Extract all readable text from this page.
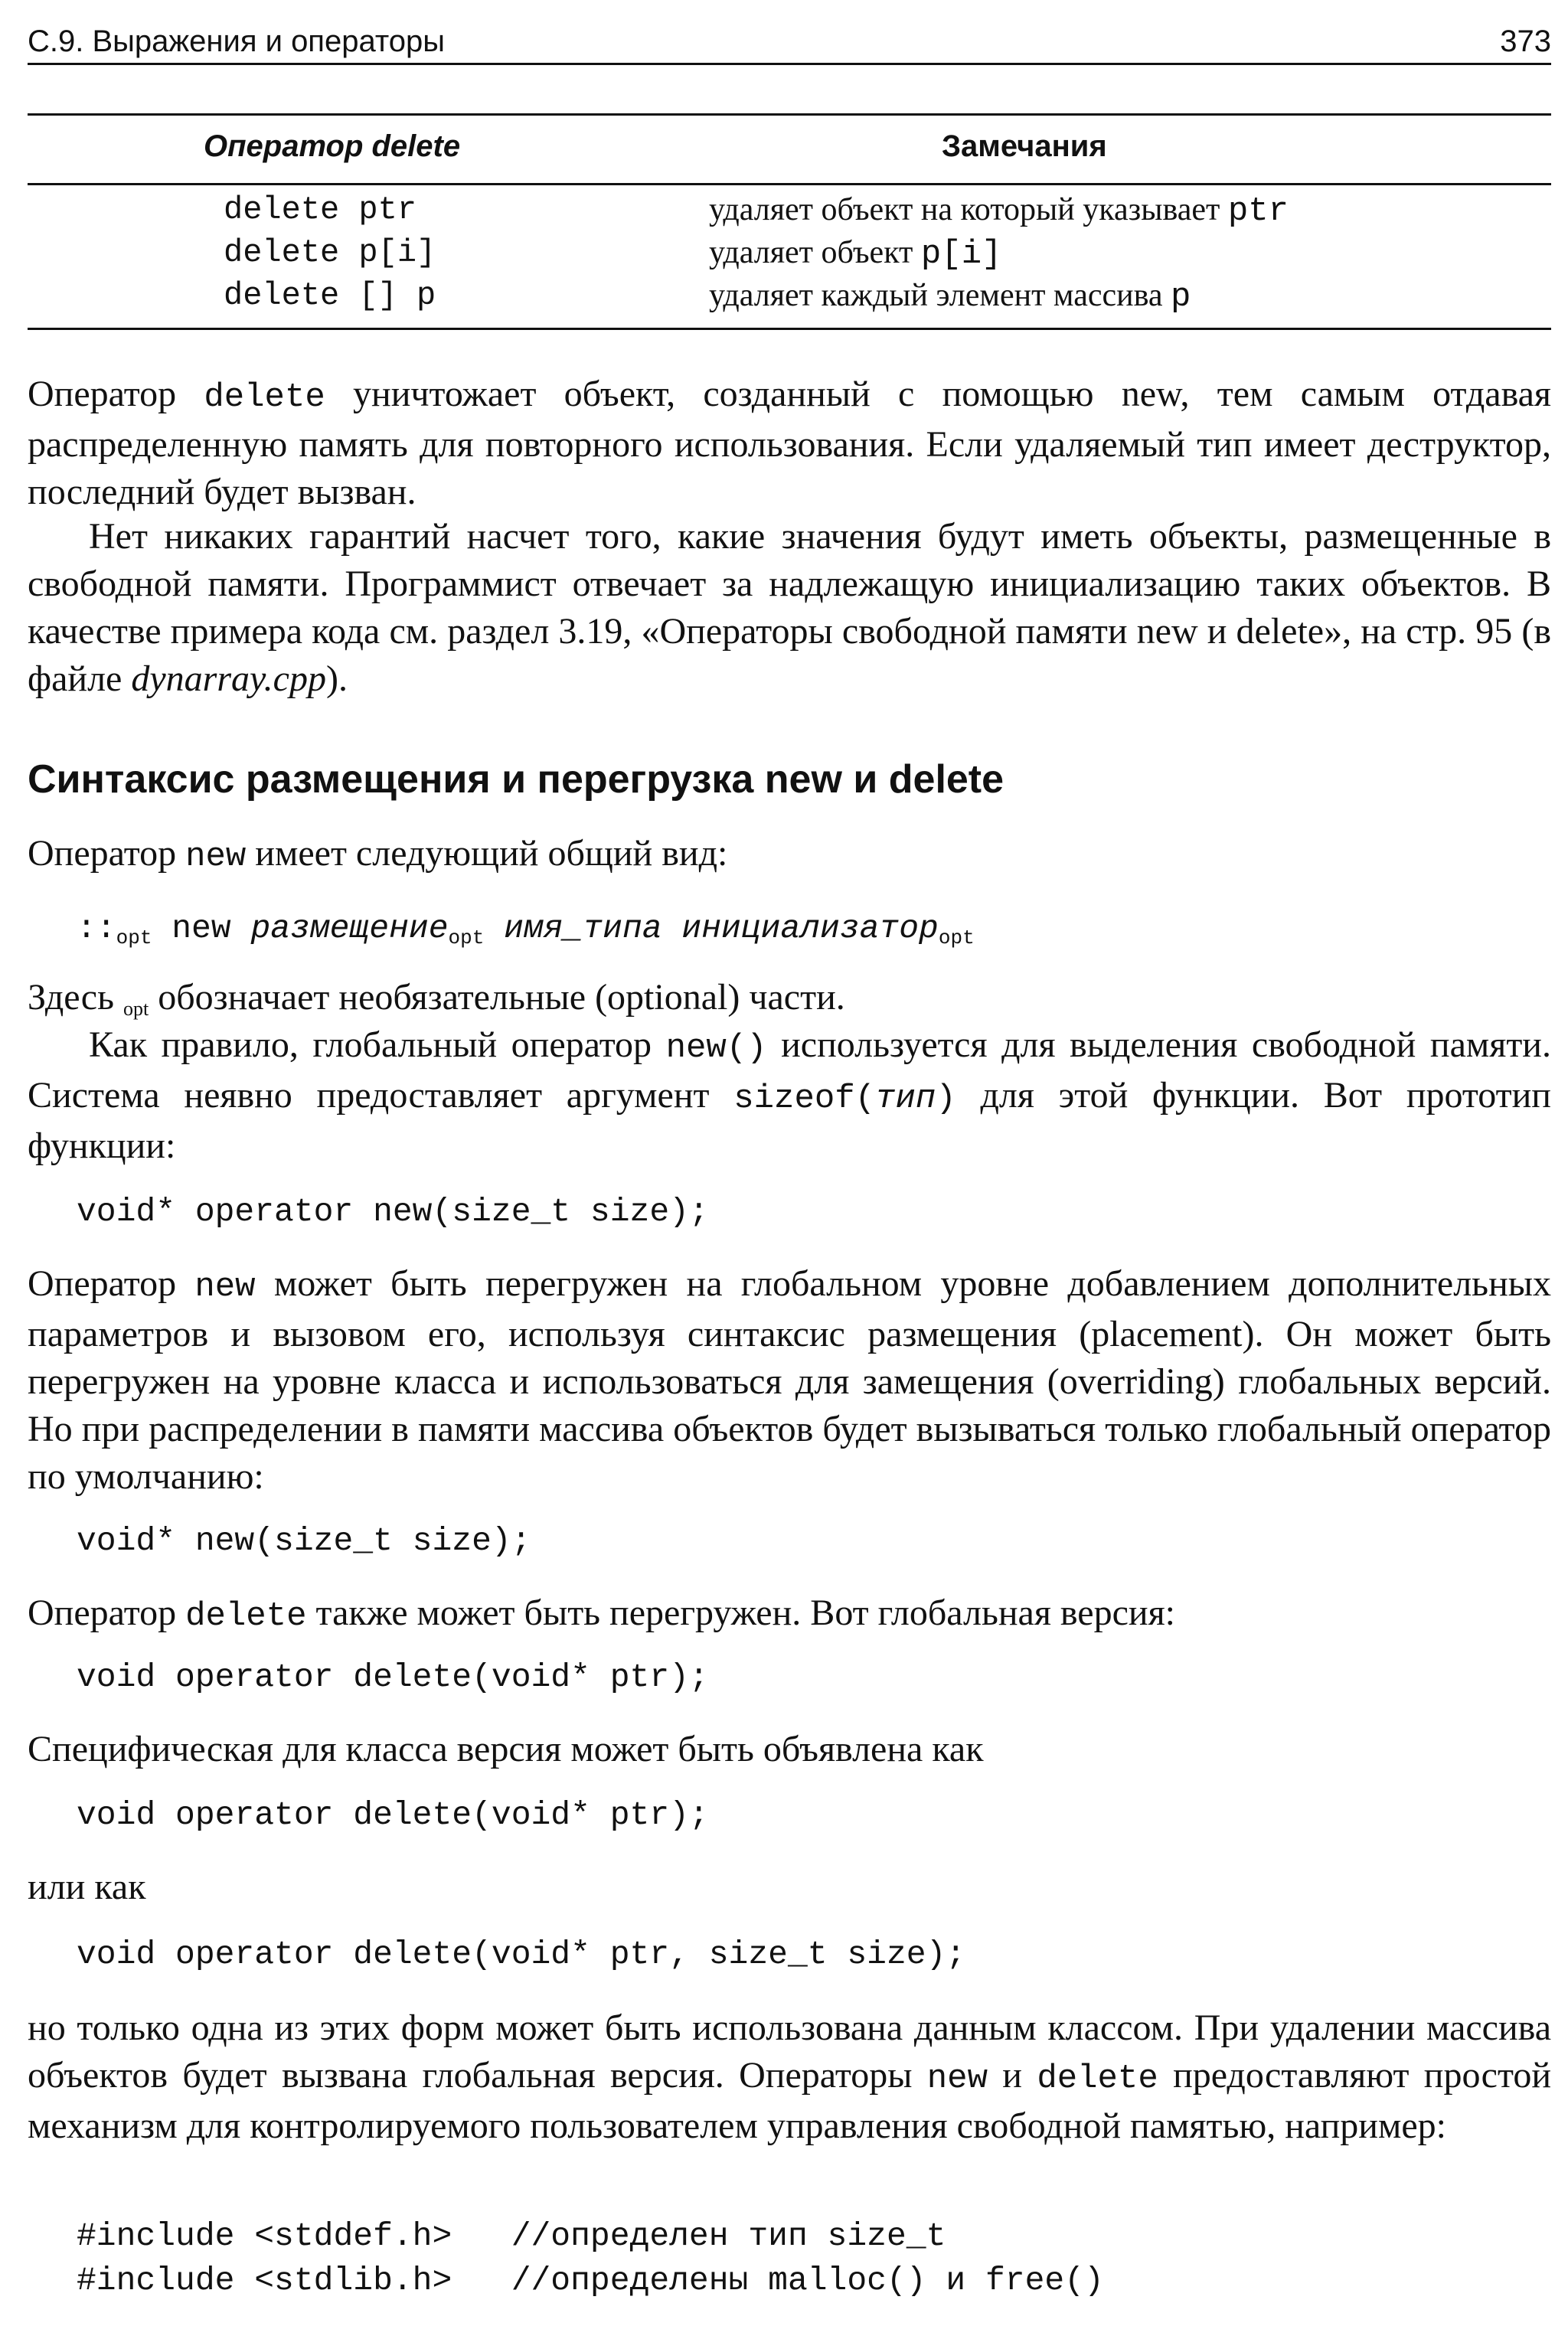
С.9. Выражения и операторы	373
Оператор delete	Замечания
delete ptr	удаляет объект на который указывает ptr
delete p[i]	удаляет объект p[i]
delete [] p	удаляет каждый элемент массива p

Оператор delete уничтожает объект, созданный с помощью new, тем самым отдавая распределенную память для повторного использования. Если удаляемый тип имеет деструктор, последний будет вызван.

Нет никаких гарантий насчет того, какие значения будут иметь объекты, размещенные в свободной памяти. Программист отвечает за надлежащую инициализацию таких объектов. В качестве примера кода см. раздел 3.19, «Операторы свободной памяти new и delete», на стр. 95 (в файле dynarray.cpp).

Синтаксис размещения и перегрузка new и delete

Оператор new имеет следующий общий вид:

$::_{opt}$ new размещение$_{opt}$ имя_типа инициализатор$_{opt}$

Здесь $_{opt}$ обозначает необязательные (optional) части.

Как правило, глобальный оператор new() используется для выделения свободной памяти. Система неявно предоставляет аргумент sizeof(тип) для этой функции. Вот прототип функции:

void* operator new(size_t size);

Оператор new может быть перегружен на глобальном уровне добавлением дополнительных параметров и вызовом его, используя синтаксис размещения (placement). Он может быть перегружен на уровне класса и использоваться для замещения (overriding) глобальных версий. Но при распределении в памяти массива объектов будет вызываться только глобальный оператор по умолчанию:

void* new(size_t size);

Оператор delete также может быть перегружен. Вот глобальная версия:

void operator delete(void* ptr);

Специфическая для класса версия может быть объявлена как

void operator delete(void* ptr);

или как

void operator delete(void* ptr, size_t size);

но только одна из этих форм может быть использована данным классом. При удалении массива объектов будет вызвана глобальная версия. Операторы new и delete предоставляют простой механизм для контролируемого пользователем управления свободной памятью, например:

#include <stddef.h>   //определен тип size_t
#include <stdlib.h>   //определены malloc() и free()
